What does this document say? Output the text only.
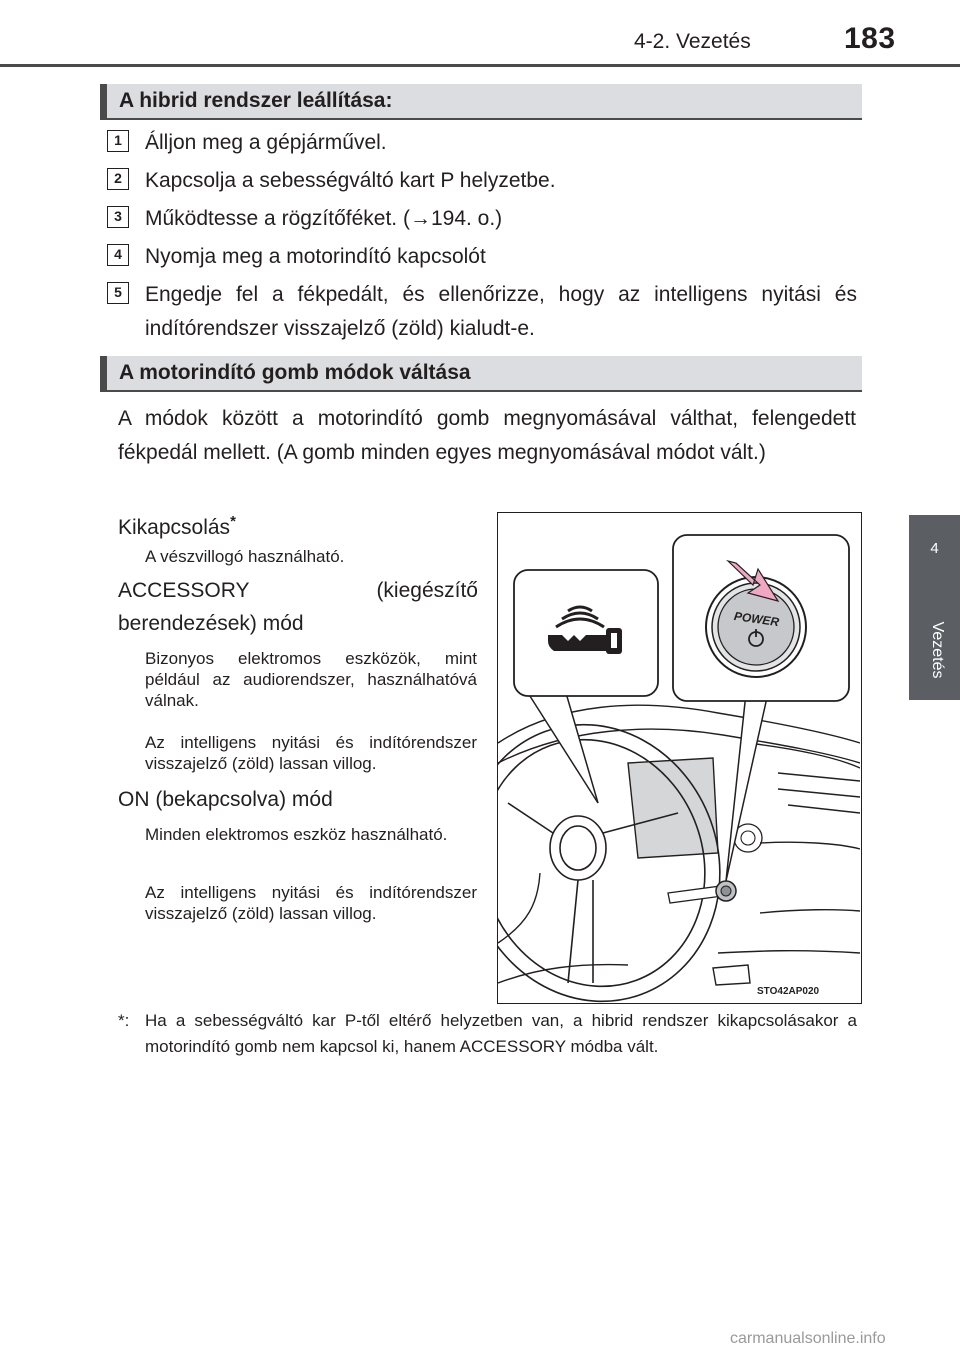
4-2. Vezetés	183
4
Vezetés
A hibrid rendszer leállítása:
1	Álljon meg a gépjárművel.
2	Kapcsolja a sebességváltó kart P helyzetbe.
3	Működtesse a rögzítőféket. (→194. o.)
4	Nyomja meg a motorindító kapcsolót
5	Engedje fel a fékpedált, és ellenőrizze, hogy az intelligens nyitási és indítórendszer visszajelző (zöld) kialudt-e.
A motorindító gomb módok váltása
A módok között a motorindító gomb megnyomásával válthat, felengedett fékpedál mellett. (A gomb minden egyes megnyomásával módot vált.)
Kikapcsolás*
A vészvillogó használható.
ACCESSORY (kiegészítő berendezések) mód
Bizonyos elektromos eszközök, mint például az audiorendszer, használhatóvá válnak.
Az intelligens nyitási és indítórendszer visszajelző (zöld) lassan villog.
ON (bekapcsolva) mód
Minden elektromos eszköz használható.
Az intelligens nyitási és indítórendszer visszajelző (zöld) lassan villog.
POWER
STO42AP020
*: Ha a sebességváltó kar P-től eltérő helyzetben van, a hibrid rendszer kikapcsolásakor a motorindító gomb nem kapcsol ki, hanem ACCESSORY módba vált.
carmanualsonline.info
